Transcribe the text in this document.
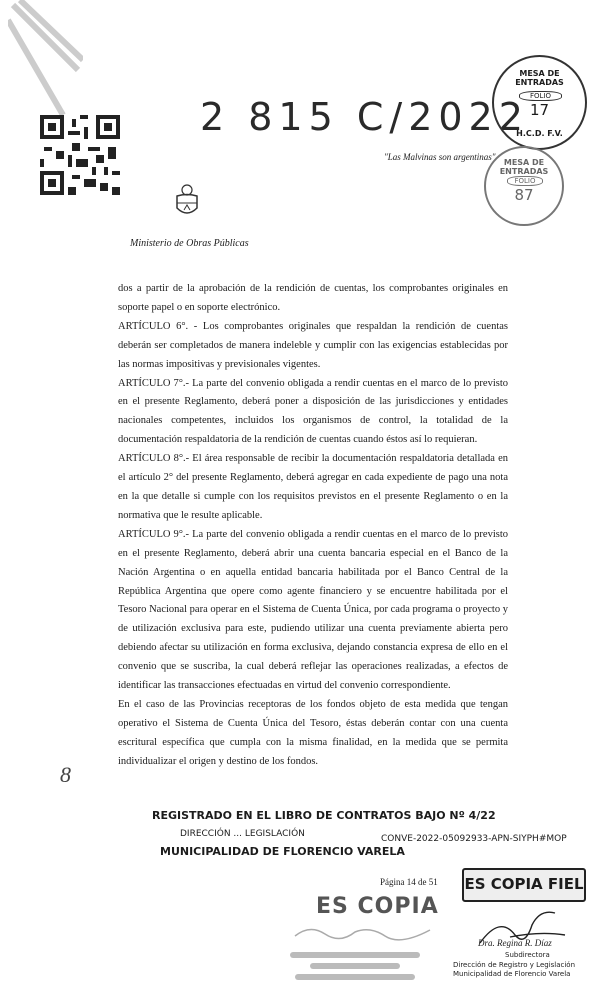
2 815 C/2022
Ministerio de Obras Públicas
"Las Malvinas son argentinas"
MESA DE ENTRADAS
FOLIO
17
H.C.D. F.V.
MESA DE ENTRADAS
FOLIO
87

dos a partir de la aprobación de la rendición de cuentas, los comprobantes originales en soporte papel o en soporte electrónico.

ARTÍCULO 6°. - Los comprobantes originales que respaldan la rendición de cuentas deberán ser completados de manera indeleble y cumplir con las exigencias establecidas por las normas impositivas y previsionales vigentes.

ARTÍCULO 7°.- La parte del convenio obligada a rendir cuentas en el marco de lo previsto en el presente Reglamento, deberá poner a disposición de las jurisdicciones y entidades nacionales competentes, incluidos los organismos de control, la totalidad de la documentación respaldatoria de la rendición de cuentas cuando éstos así lo requieran.

ARTÍCULO 8°.- El área responsable de recibir la documentación respaldatoria detallada en el artículo 2° del presente Reglamento, deberá agregar en cada expediente de pago una nota en la que detalle si cumple con los requisitos previstos en el presente Reglamento o en la normativa que le resulte aplicable.

ARTÍCULO 9°.- La parte del convenio obligada a rendir cuentas en el marco de lo previsto en el presente Reglamento, deberá abrir una cuenta bancaria especial en el Banco de la Nación Argentina o en aquella entidad bancaria habilitada por el Banco Central de la República Argentina que opere como agente financiero y se encuentre habilitada por el Tesoro Nacional para operar en el Sistema de Cuenta Única, por cada programa o proyecto y de utilización exclusiva para este, pudiendo utilizar una cuenta previamente abierta pero debiendo afectar su utilización en forma exclusiva, dejando constancia expresa de ello en el convenio que se suscriba, la cual deberá reflejar las operaciones realizadas, a efectos de identificar las transacciones efectuadas en virtud del convenio correspondiente.

En el caso de las Provincias receptoras de los fondos objeto de esta medida que tengan operativo el Sistema de Cuenta Única del Tesoro, éstas deberán contar con una cuenta escritural específica que cumpla con la misma finalidad, en la medida que se permita individualizar el origen y destino de los fondos.

8
REGISTRADO EN EL LIBRO DE CONTRATOS BAJO Nº 4/22
DIRECCIÓN ... LEGISLACIÓN
MUNICIPALIDAD DE FLORENCIO VARELA
CONVE-2022-05092933-APN-SIYPH#MOP
Página 14 de 51 ES COPIA FIEL
ES COPIA
Dra. Regina R. Díaz
Subdirectora
Dirección de Registro y Legislación
Municipalidad de Florencio Varela
